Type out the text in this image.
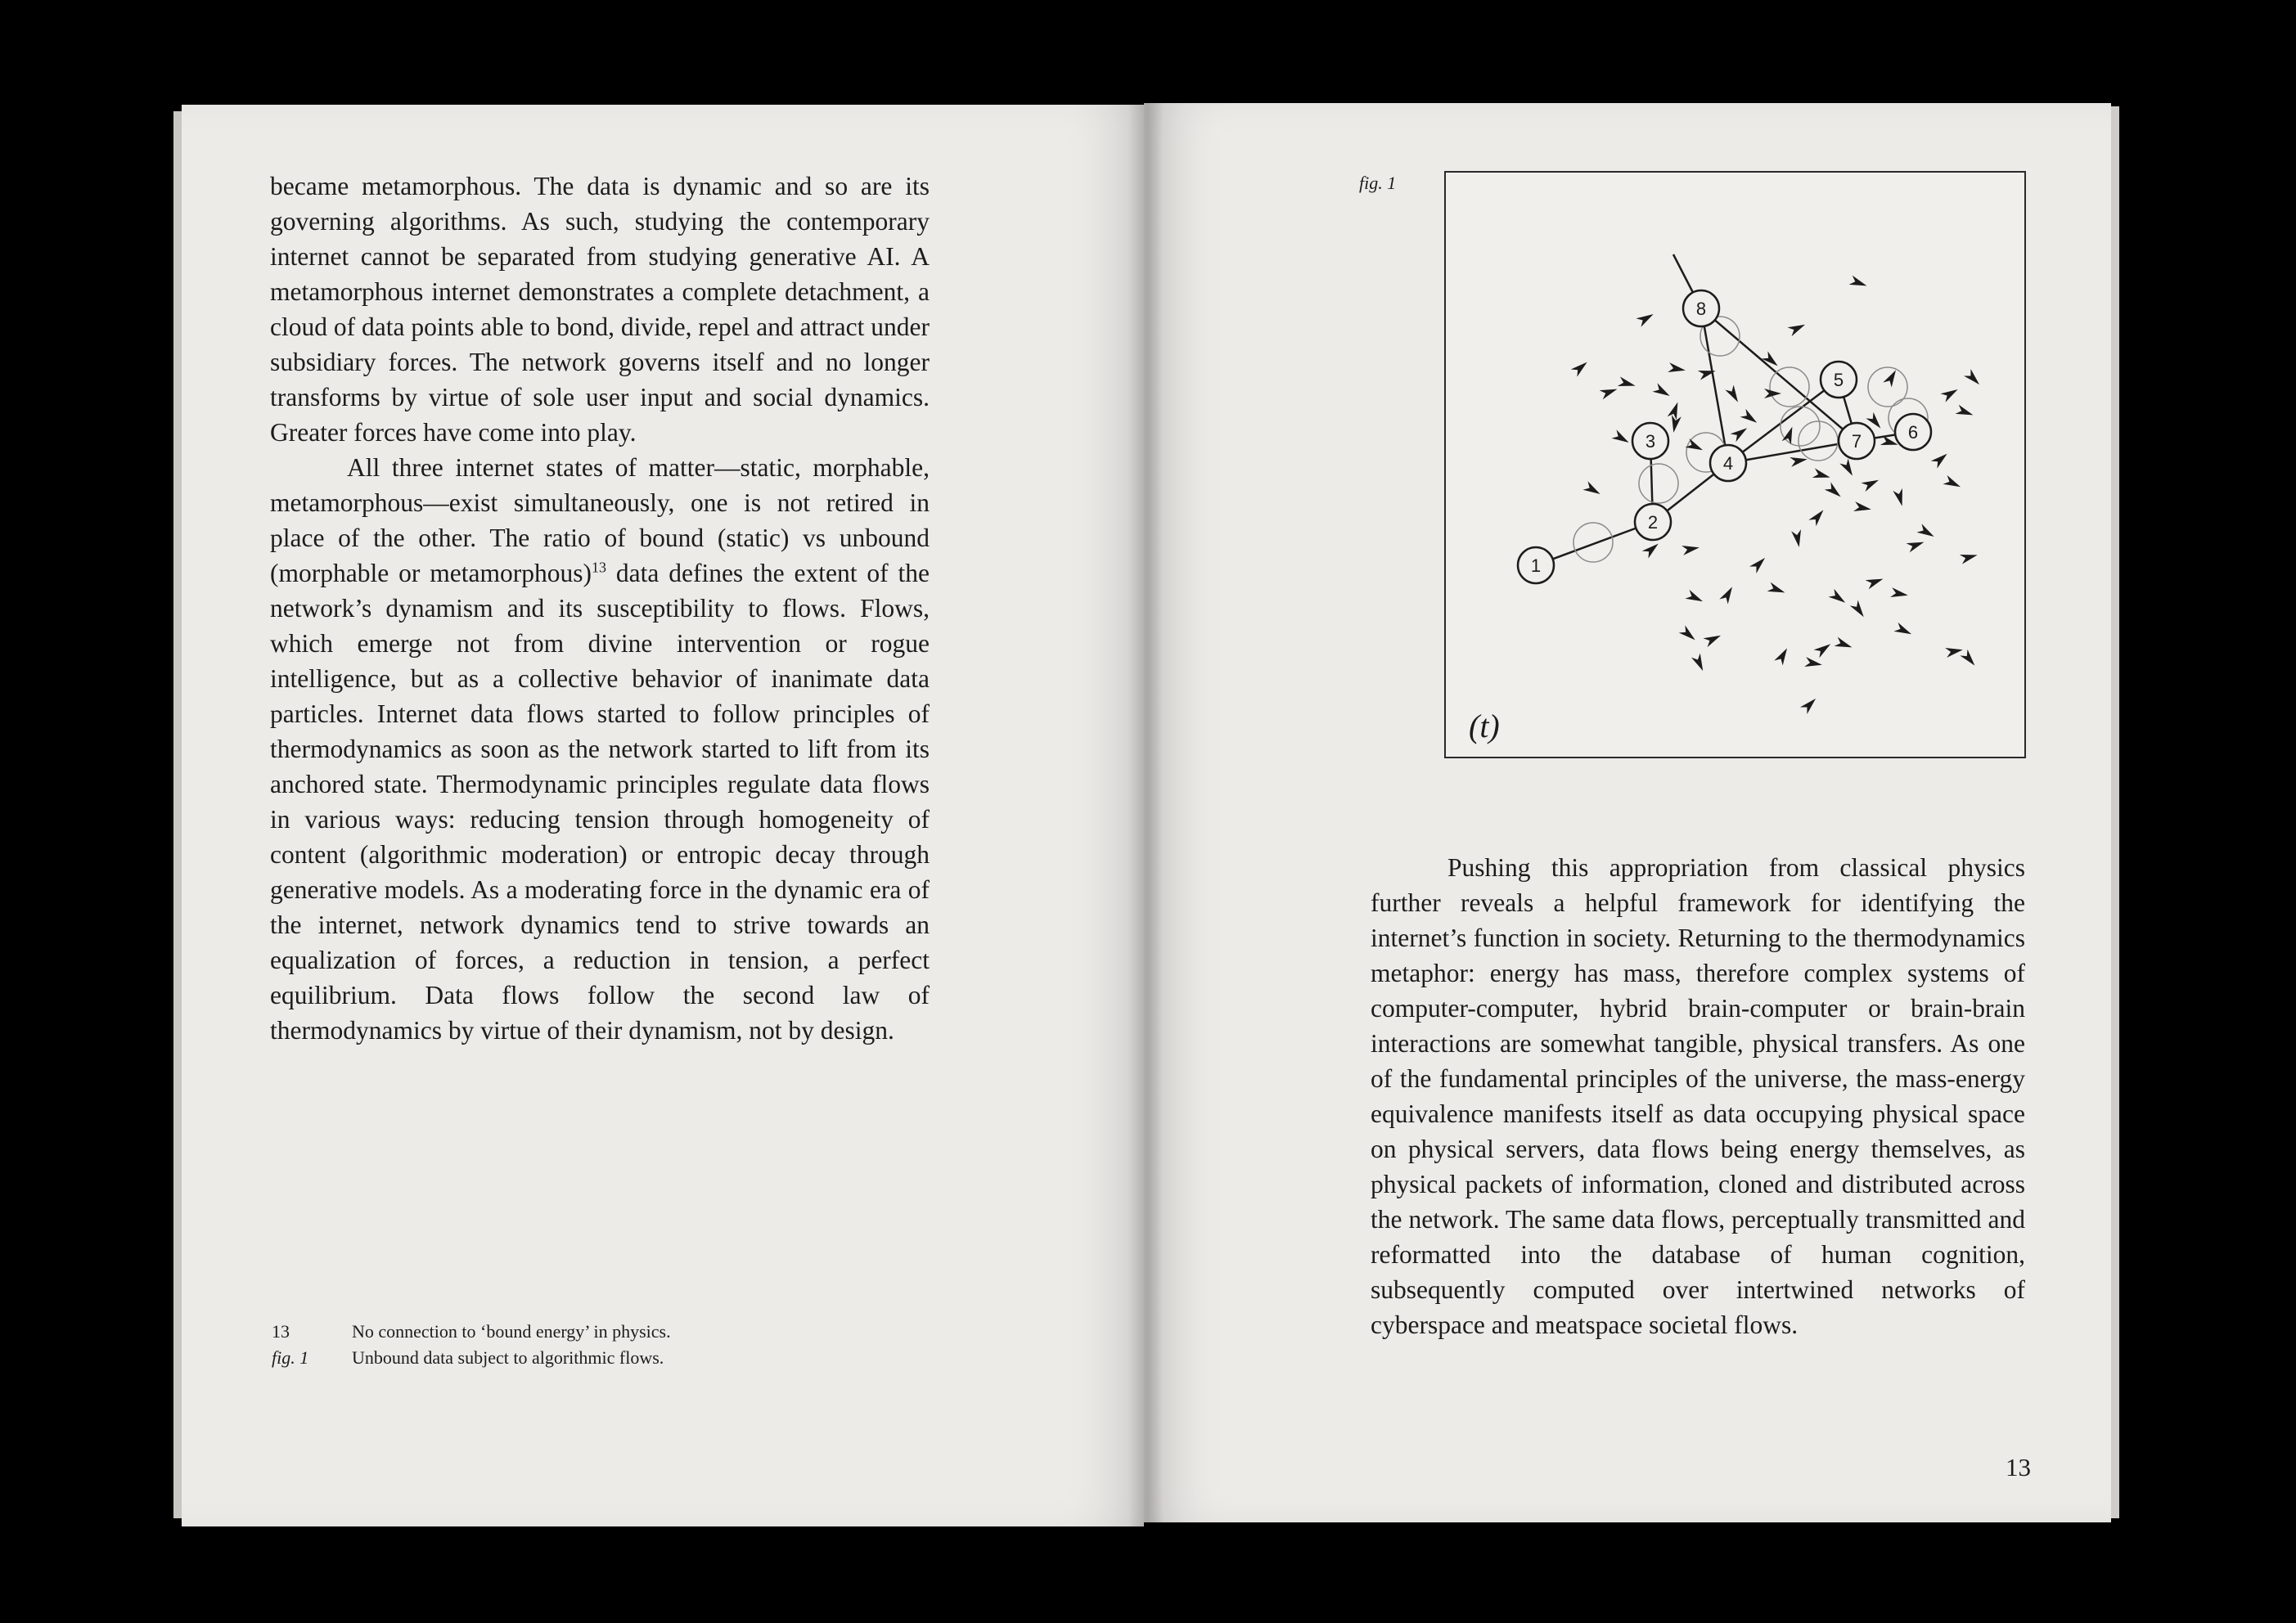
became metamorphous. The data is dynamic and so are its governing algorithms. As such, studying the contemporary internet cannot be separated from studying generative AI. A metamorphous internet demonstrates a complete detachment, a cloud of data points able to bond, divide, repel and attract under subsidiary forces. The network governs itself and no longer transforms by virtue of sole user input and social dynamics. Greater forces have come into play.

All three internet states of matter—static, morphable, metamorphous—exist simultaneously, one is not retired in place of the other. The ratio of bound (static) vs unbound (morphable or metamorphous)$^{13}$ data defines the extent of the network’s dynamism and its susceptibility to flows. Flows, which emerge not from divine intervention or rogue intelligence, but as a collective behavior of inanimate data particles. Internet data flows started to follow principles of thermodynamics as soon as the network started to lift from its anchored state. Thermodynamic principles regulate data flows in various ways: reducing tension through homogeneity of content (algorithmic moderation) or entropic decay through generative models. As a moderating force in the dynamic era of the internet, network dynamics tend to strive towards an equalization of forces, a reduction in tension, a perfect equilibrium. Data flows follow the second law of thermodynamics by virtue of their dynamism, not by design.

13	No connection to ‘bound energy’ in physics.
fig. 1	Unbound data subject to algorithmic flows.
fig. 1
1
2
3
4
5
6
7
8
(t)

Pushing this appropriation from classical physics further reveals a helpful framework for identifying the internet’s function in society. Returning to the thermodynamics metaphor: energy has mass, therefore complex systems of computer-computer, hybrid brain-computer or brain-brain interactions are somewhat tangible, physical transfers. As one of the fundamental principles of the universe, the mass-energy equivalence manifests itself as data occupying physical space on physical servers, data flows being energy themselves, as physical packets of information, cloned and distributed across the network. The same data flows, perceptually transmitted and reformatted into the database of human cognition, subsequently computed over intertwined networks of cyberspace and meatspace societal flows.

13
